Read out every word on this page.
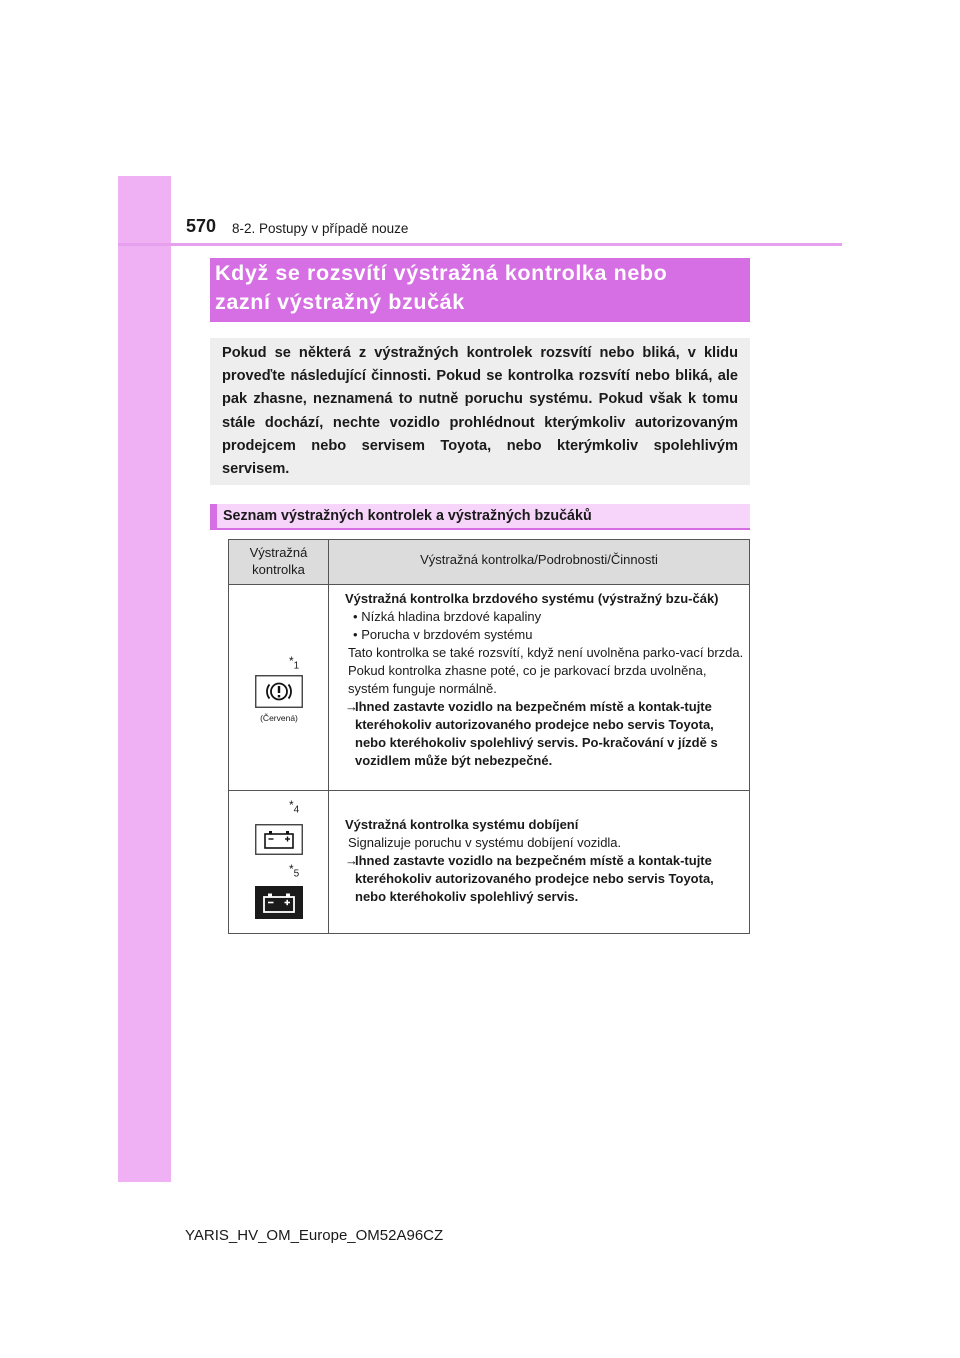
570 8-2. Postupy v případě nouze
Když se rozsvítí výstražná kontrolka nebo
zazní výstražný bzučák
Pokud se některá z výstražných kontrolek rozsvítí nebo bliká, v klidu proveďte následující činnosti. Pokud se kontrolka rozsvítí nebo bliká, ale pak zhasne, neznamená to nutně poruchu systému. Pokud však k tomu stále dochází, nechte vozidlo prohlédnout kterýmkoliv autorizovaným prodejcem nebo servisem Toyota, nebo kterýmkoliv spolehlivým servisem.
Seznam výstražných kontrolek a výstražných bzučáků
Výstražná
kontrolka
Výstražná kontrolka/Podrobnosti/Činnosti
$*_1$
(Červená)
Výstražná kontrolka brzdového systému (výstražný bzu-čák)
• Nízká hladina brzdové kapaliny
• Porucha v brzdovém systému
Tato kontrolka se také rozsvítí, když není uvolněna parko-vací brzda. Pokud kontrolka zhasne poté, co je parkovací brzda uvolněna, systém funguje normálně.
→
Ihned zastavte vozidlo na bezpečném místě a kontak-tujte kteréhokoliv autorizovaného prodejce nebo servis Toyota, nebo kteréhokoliv spolehlivý servis. Po-kračování v jízdě s vozidlem může být nebezpečné.
$*_4$
$*_5$
Výstražná kontrolka systému dobíjení
Signalizuje poruchu v systému dobíjení vozidla.
→
Ihned zastavte vozidlo na bezpečném místě a kontak-tujte kteréhokoliv autorizovaného prodejce nebo servis Toyota, nebo kteréhokoliv spolehlivý servis.
YARIS_HV_OM_Europe_OM52A96CZ
